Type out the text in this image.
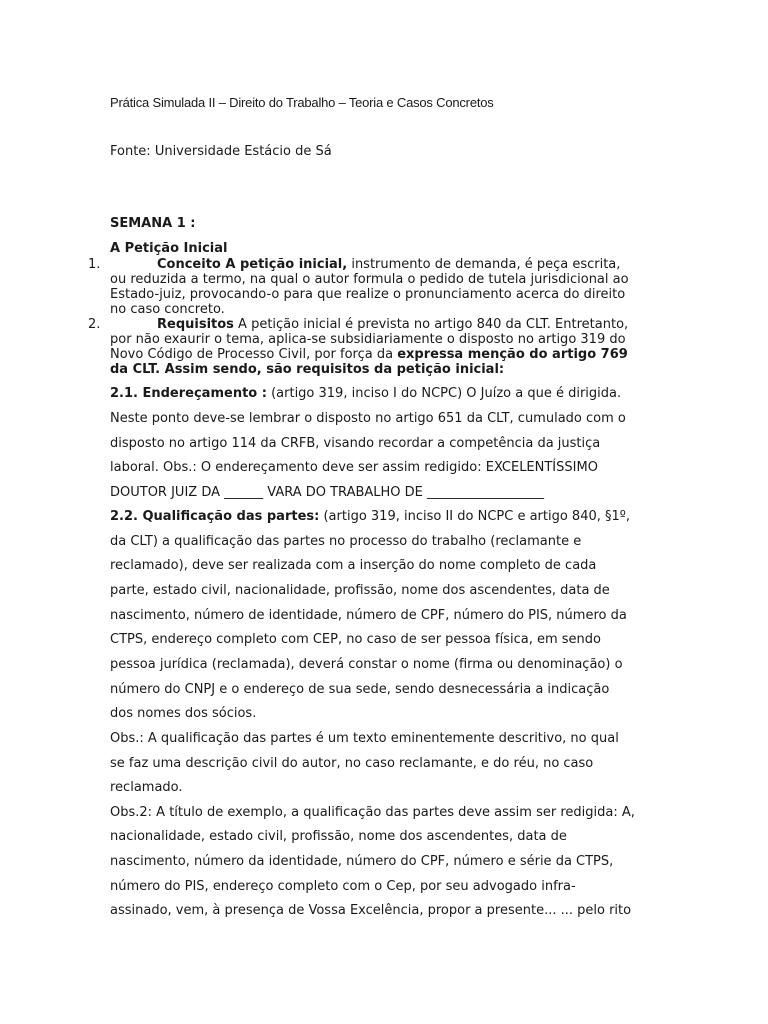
Prática Simulada II – Direito do Trabalho – Teoria e Casos Concretos
Fonte: Universidade Estácio de Sá
SEMANA 1 :
A Petição Inicial
1.	Conceito A petição inicial, instrumento de demanda, é peça escrita,
ou reduzida a termo, na qual o autor formula o pedido de tutela jurisdicional ao
Estado-juiz, provocando-o para que realize o pronunciamento acerca do direito
no caso concreto.
2.	Requisitos A petição inicial é prevista no artigo 840 da CLT. Entretanto,
por não exaurir o tema, aplica-se subsidiariamente o disposto no artigo 319 do
Novo Código de Processo Civil, por força da expressa menção do artigo 769
da CLT. Assim sendo, são requisitos da petição inicial:
2.1. Endereçamento : (artigo 319, inciso I do NCPC) O Juízo a que é dirigida.
Neste ponto deve-se lembrar o disposto no artigo 651 da CLT, cumulado com o
disposto no artigo 114 da CRFB, visando recordar a competência da justiça
laboral. Obs.: O endereçamento deve ser assim redigido: EXCELENTÍSSIMO
DOUTOR JUIZ DA ______ VARA DO TRABALHO DE __________________
2.2. Qualificação das partes: (artigo 319, inciso II do NCPC e artigo 840, §1º,
da CLT) a qualificação das partes no processo do trabalho (reclamante e
reclamado), deve ser realizada com a inserção do nome completo de cada
parte, estado civil, nacionalidade, profissão, nome dos ascendentes, data de
nascimento, número de identidade, número de CPF, número do PIS, número da
CTPS, endereço completo com CEP, no caso de ser pessoa física, em sendo
pessoa jurídica (reclamada), deverá constar o nome (firma ou denominação) o
número do CNPJ e o endereço de sua sede, sendo desnecessária a indicação
dos nomes dos sócios.
Obs.: A qualificação das partes é um texto eminentemente descritivo, no qual
se faz uma descrição civil do autor, no caso reclamante, e do réu, no caso
reclamado.
Obs.2: A título de exemplo, a qualificação das partes deve assim ser redigida: A,
nacionalidade, estado civil, profissão, nome dos ascendentes, data de
nascimento, número da identidade, número do CPF, número e série da CTPS,
número do PIS, endereço completo com o Cep, por seu advogado infra-
assinado, vem, à presença de Vossa Excelência, propor a presente... ... pelo rito
